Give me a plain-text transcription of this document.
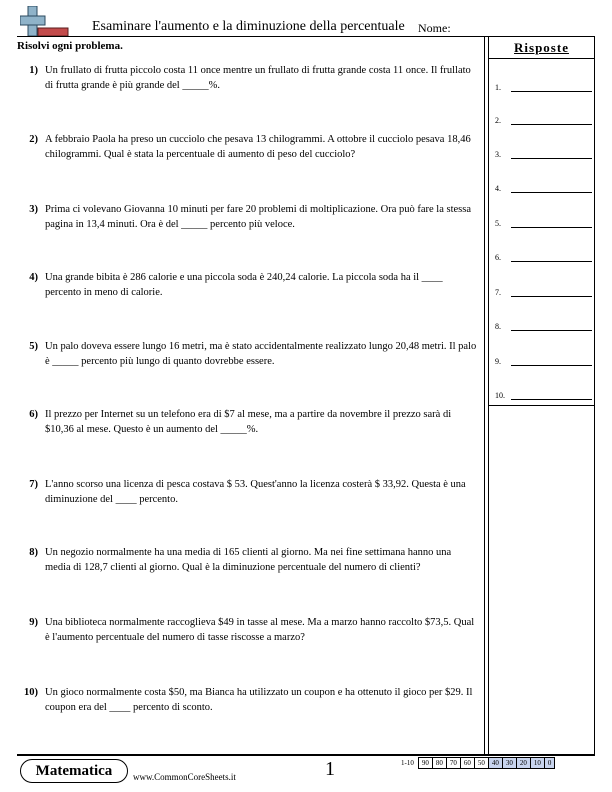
Esaminare l'aumento e la diminuzione della percentuale Nome:
Risolvi ogni problema.	Risposte
1.
2.
3.
4.
5.
6.
7.
8.
9.
10.
1) Un frullato di frutta piccolo costa 11 once mentre un frullato di frutta grande costa 11 once. Il frullato di frutta grande è più grande del _____%.
2) A febbraio Paola ha preso un cucciolo che pesava 13 chilogrammi. A ottobre il cucciolo pesava 18,46 chilogrammi. Qual è stata la percentuale di aumento di peso del cucciolo?
3) Prima ci volevano Giovanna 10 minuti per fare 20 problemi di moltiplicazione. Ora può fare la stessa pagina in 13,4 minuti. Ora è del _____ percento più veloce.
4) Una grande bibita è 286 calorie e una piccola soda è 240,24 calorie. La piccola soda ha il ____ percento in meno di calorie.
5) Un palo doveva essere lungo 16 metri, ma è stato accidentalmente realizzato lungo 20,48 metri. Il palo è _____ percento più lungo di quanto dovrebbe essere.
6) Il prezzo per Internet su un telefono era di $7 al mese, ma a partire da novembre il prezzo sarà di $10,36 al mese. Questo è un aumento del _____%.
7) L'anno scorso una licenza di pesca costava $ 53. Quest'anno la licenza costerà $ 33,92. Questa è una diminuzione del ____ percento.
8) Un negozio normalmente ha una media di 165 clienti al giorno. Ma nei fine settimana hanno una media di 128,7 clienti al giorno. Qual è la diminuzione percentuale del numero di clienti?
9) Una biblioteca normalmente raccoglieva $49 in tasse al mese. Ma a marzo hanno raccolto $73,5. Qual è l'aumento percentuale del numero di tasse riscosse a marzo?
10) Un gioco normalmente costa $50, ma Bianca ha utilizzato un coupon e ha ottenuto il gioco per $29. Il coupon era del ____ percento di sconto.
Matematica	www.CommonCoreSheets.it	1	1-10	90	80	70	60	50	40	30	20	10	0
